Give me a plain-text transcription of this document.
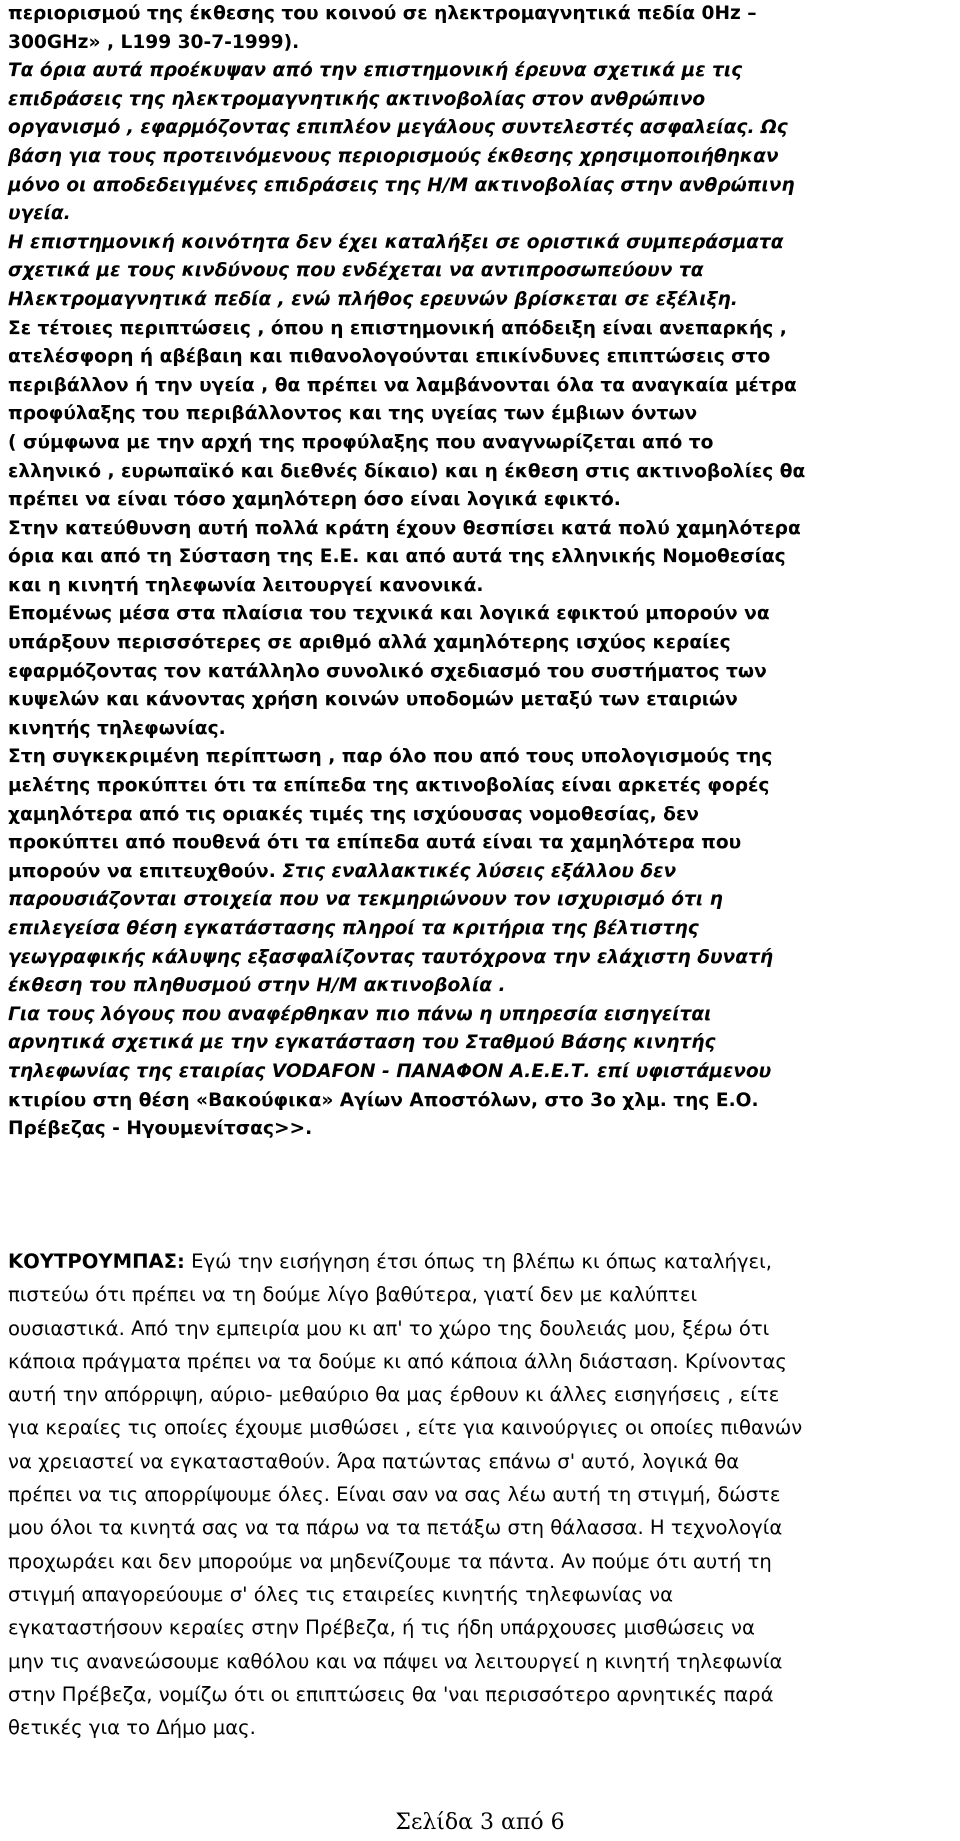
περιορισμού της έκθεσης του κοινού σε ηλεκτρομαγνητικά πεδία 0Hz –
300GHz» , L199 30-7-1999).
Τα όρια αυτά προέκυψαν από την επιστημονική έρευνα σχετικά με τις
επιδράσεις της ηλεκτρομαγνητικής ακτινοβολίας στον ανθρώπινο
οργανισμό , εφαρμόζοντας επιπλέον μεγάλους συντελεστές ασφαλείας. Ως
βάση για τους προτεινόμενους περιορισμούς έκθεσης χρησιμοποιήθηκαν
μόνο οι αποδεδειγμένες επιδράσεις της Η/Μ ακτινοβολίας στην ανθρώπινη
υγεία.
Η επιστημονική κοινότητα δεν έχει καταλήξει σε οριστικά συμπεράσματα
σχετικά με τους κινδύνους που ενδέχεται να αντιπροσωπεύουν τα
Ηλεκτρομαγνητικά πεδία , ενώ πλήθος ερευνών βρίσκεται σε εξέλιξη.
Σε τέτοιες περιπτώσεις , όπου η επιστημονική απόδειξη είναι ανεπαρκής ,
ατελέσφορη ή αβέβαιη και πιθανολογούνται επικίνδυνες επιπτώσεις στο
περιβάλλον ή την υγεία , θα πρέπει να λαμβάνονται όλα τα αναγκαία μέτρα
προφύλαξης του περιβάλλοντος και της υγείας των έμβιων όντων
( σύμφωνα με την αρχή της προφύλαξης που αναγνωρίζεται από το
ελληνικό , ευρωπαϊκό και διεθνές δίκαιο) και η έκθεση στις ακτινοβολίες θα
πρέπει να είναι τόσο χαμηλότερη όσο είναι λογικά εφικτό.
Στην κατεύθυνση αυτή πολλά κράτη έχουν θεσπίσει κατά πολύ χαμηλότερα
όρια και από τη Σύσταση της Ε.Ε. και από αυτά της ελληνικής Νομοθεσίας
και η κινητή τηλεφωνία λειτουργεί κανονικά.
Επομένως μέσα στα πλαίσια του τεχνικά και λογικά εφικτού μπορούν να
υπάρξουν περισσότερες σε αριθμό αλλά χαμηλότερης ισχύος κεραίες
εφαρμόζοντας τον κατάλληλο συνολικό σχεδιασμό του συστήματος των
κυψελών και κάνοντας χρήση κοινών υποδομών μεταξύ των εταιριών
κινητής τηλεφωνίας.
Στη συγκεκριμένη περίπτωση , παρ όλο που από τους υπολογισμούς της
μελέτης προκύπτει ότι τα επίπεδα της ακτινοβολίας είναι αρκετές φορές
χαμηλότερα από τις οριακές τιμές της ισχύουσας νομοθεσίας, δεν
προκύπτει από πουθενά ότι τα επίπεδα αυτά είναι τα χαμηλότερα που
μπορούν να επιτευχθούν. Στις εναλλακτικές λύσεις εξάλλου δεν
παρουσιάζονται στοιχεία που να τεκμηριώνουν τον ισχυρισμό ότι η
επιλεγείσα θέση εγκατάστασης πληροί τα κριτήρια της βέλτιστης
γεωγραφικής κάλυψης εξασφαλίζοντας ταυτόχρονα την ελάχιστη δυνατή
έκθεση του πληθυσμού στην Η/Μ ακτινοβολία .
Για τους λόγους που αναφέρθηκαν πιο πάνω η υπηρεσία εισηγείται
αρνητικά σχετικά με την εγκατάσταση του Σταθμού Βάσης κινητής
τηλεφωνίας της εταιρίας VODAFON - ΠΑΝΑΦΟΝ Α.Ε.Ε.Τ. επί υφιστάμενου
κτιρίου στη θέση «Βακούφικα» Αγίων Αποστόλων, στο 3ο χλμ. της Ε.Ο.
Πρέβεζας - Ηγουμενίτσας>>.
ΚΟΥΤΡΟΥΜΠΑΣ: Εγώ την εισήγηση έτσι όπως τη βλέπω κι όπως καταλήγει,
πιστεύω ότι πρέπει να τη δούμε λίγο βαθύτερα, γιατί δεν με καλύπτει
ουσιαστικά. Από την εμπειρία μου κι απ' το χώρο της δουλειάς μου, ξέρω ότι
κάποια πράγματα πρέπει να τα δούμε κι από κάποια άλλη διάσταση. Κρίνοντας
αυτή την απόρριψη, αύριο- μεθαύριο θα μας έρθουν κι άλλες εισηγήσεις , είτε
για κεραίες τις οποίες έχουμε μισθώσει , είτε για καινούργιες οι οποίες πιθανών
να χρειαστεί να εγκατασταθούν. Άρα πατώντας επάνω σ' αυτό, λογικά θα
πρέπει να τις απορρίψουμε όλες. Είναι σαν να σας λέω αυτή τη στιγμή, δώστε
μου όλοι τα κινητά σας να τα πάρω να τα πετάξω στη θάλασσα. Η τεχνολογία
προχωράει και δεν μπορούμε να μηδενίζουμε τα πάντα. Αν πούμε ότι αυτή τη
στιγμή απαγορεύουμε σ' όλες τις εταιρείες κινητής τηλεφωνίας να
εγκαταστήσουν κεραίες στην Πρέβεζα, ή τις ήδη υπάρχουσες μισθώσεις να
μην τις ανανεώσουμε καθόλου και να πάψει να λειτουργεί η κινητή τηλεφωνία
στην Πρέβεζα, νομίζω ότι οι επιπτώσεις θα 'ναι περισσότερο αρνητικές παρά
θετικές για το Δήμο μας.
Σελίδα 3 από 6
